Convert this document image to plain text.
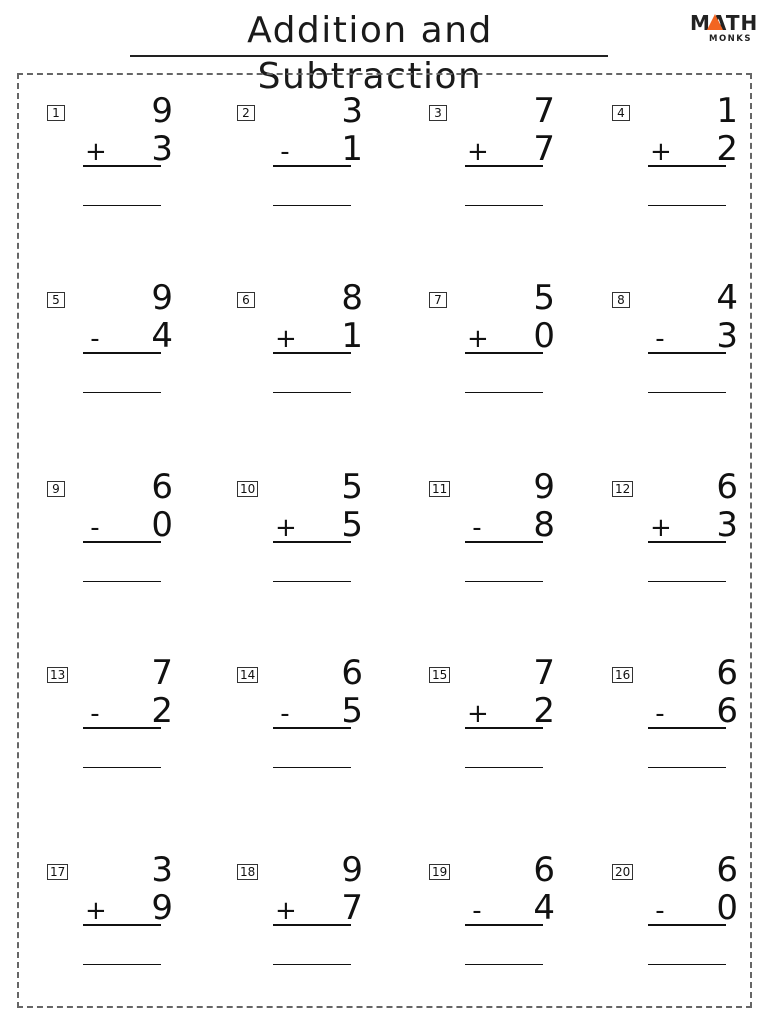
Addition and Subtraction
MATH
MONKS
1	9
+ 3
2	3
- 1
3	7
+ 7
4	1
+ 2
5	9
- 4
6	8
+ 1
7	5
+ 0
8	4
- 3
9	6
- 0
10	5
+ 5
11	9
- 8
12	6
+ 3
13	7
- 2
14	6
- 5
15	7
+ 2
16	6
- 6
17	3
+ 9
18	9
+ 7
19	6
- 4
20	6
- 0
